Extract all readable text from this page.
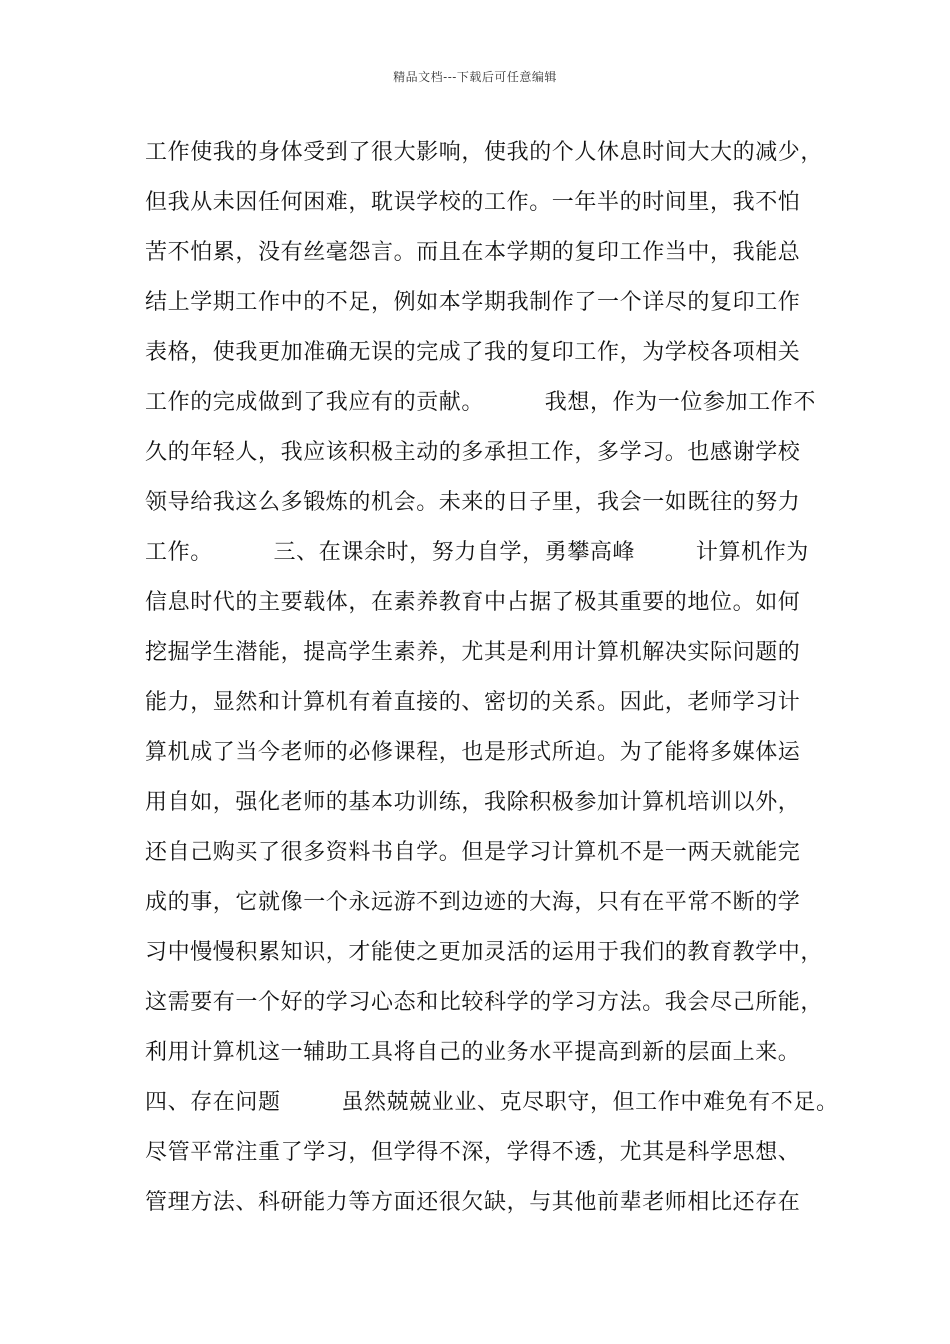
精品文档---下载后可任意编辑
工作使我的身体受到了很大影响，使我的个人休息时间大大的减少，
但我从未因任何困难，耽误学校的工作。一年半的时间里，我不怕
苦不怕累，没有丝毫怨言。而且在本学期的复印工作当中，我能总
结上学期工作中的不足，例如本学期我制作了一个详尽的复印工作
表格，使我更加准确无误的完成了我的复印工作，为学校各项相关
工作的完成做到了我应有的贡献。        我想，作为一位参加工作不
久的年轻人，我应该积极主动的多承担工作，多学习。也感谢学校
领导给我这么多锻炼的机会。未来的日子里，我会一如既往的努力
工作。        三、在课余时，努力自学，勇攀高峰        计算机作为
信息时代的主要载体，在素养教育中占据了极其重要的地位。如何
挖掘学生潜能，提高学生素养，尤其是利用计算机解决实际问题的
能力，显然和计算机有着直接的、密切的关系。因此，老师学习计
算机成了当今老师的必修课程，也是形式所迫。为了能将多媒体运
用自如，强化老师的基本功训练，我除积极参加计算机培训以外，
还自己购买了很多资料书自学。但是学习计算机不是一两天就能完
成的事，它就像一个永远游不到边迹的大海，只有在平常不断的学
习中慢慢积累知识，才能使之更加灵活的运用于我们的教育教学中，
这需要有一个好的学习心态和比较科学的学习方法。我会尽己所能，
利用计算机这一辅助工具将自己的业务水平提高到新的层面上来。
四、存在问题        虽然兢兢业业、克尽职守，但工作中难免有不足。
尽管平常注重了学习，但学得不深，学得不透，尤其是科学思想、
管理方法、科研能力等方面还很欠缺，与其他前辈老师相比还存在
